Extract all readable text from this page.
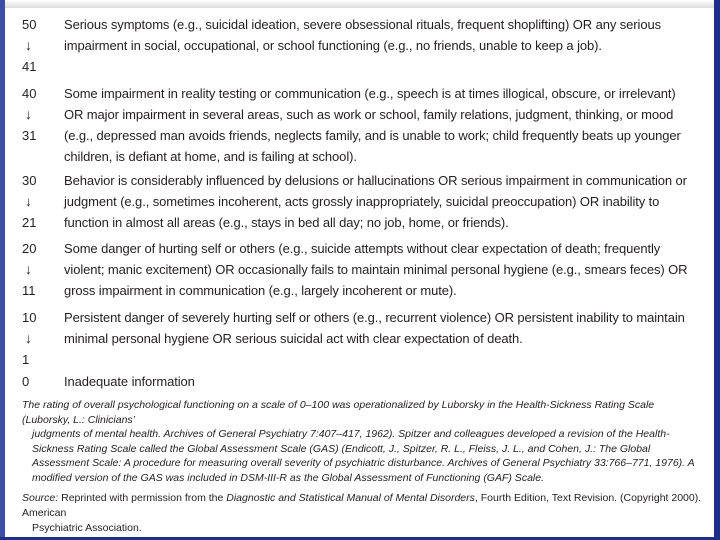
50
↓
41
Serious symptoms (e.g., suicidal ideation, severe obsessional rituals, frequent shoplifting) OR any serious impairment in social, occupational, or school functioning (e.g., no friends, unable to keep a job).
40
↓
31
Some impairment in reality testing or communication (e.g., speech is at times illogical, obscure, or irrelevant) OR major impairment in several areas, such as work or school, family relations, judgment, thinking, or mood (e.g., depressed man avoids friends, neglects family, and is unable to work; child frequently beats up younger children, is defiant at home, and is failing at school).
30
↓
21
Behavior is considerably influenced by delusions or hallucinations OR serious impairment in communication or judgment (e.g., sometimes incoherent, acts grossly inappropriately, suicidal preoccupation) OR inability to function in almost all areas (e.g., stays in bed all day; no job, home, or friends).
20
↓
11
Some danger of hurting self or others (e.g., suicide attempts without clear expectation of death; frequently violent; manic excitement) OR occasionally fails to maintain minimal personal hygiene (e.g., smears feces) OR gross impairment in communication (e.g., largely incoherent or mute).
10
↓
1
Persistent danger of severely hurting self or others (e.g., recurrent violence) OR persistent inability to maintain minimal personal hygiene OR serious suicidal act with clear expectation of death.
0	Inadequate information
The rating of overall psychological functioning on a scale of 0–100 was operationalized by Luborsky in the Health-Sickness Rating Scale (Luborsky, L.: Clinicians’
judgments of mental health. Archives of General Psychiatry 7:407–417, 1962). Spitzer and colleagues developed a revision of the Health-Sickness Rating Scale called the Global Assessment Scale (GAS) (Endicott, J., Spitzer, R. L., Fleiss, J. L., and Cohen, J.: The Global Assessment Scale: A procedure for measuring overall severity of psychiatric disturbance. Archives of General Psychiatry 33:766–771, 1976). A modified version of the GAS was included in DSM-III-R as the Global Assessment of Functioning (GAF) Scale.
Source: Reprinted with permission from the Diagnostic and Statistical Manual of Mental Disorders, Fourth Edition, Text Revision. (Copyright 2000). American
Psychiatric Association.
